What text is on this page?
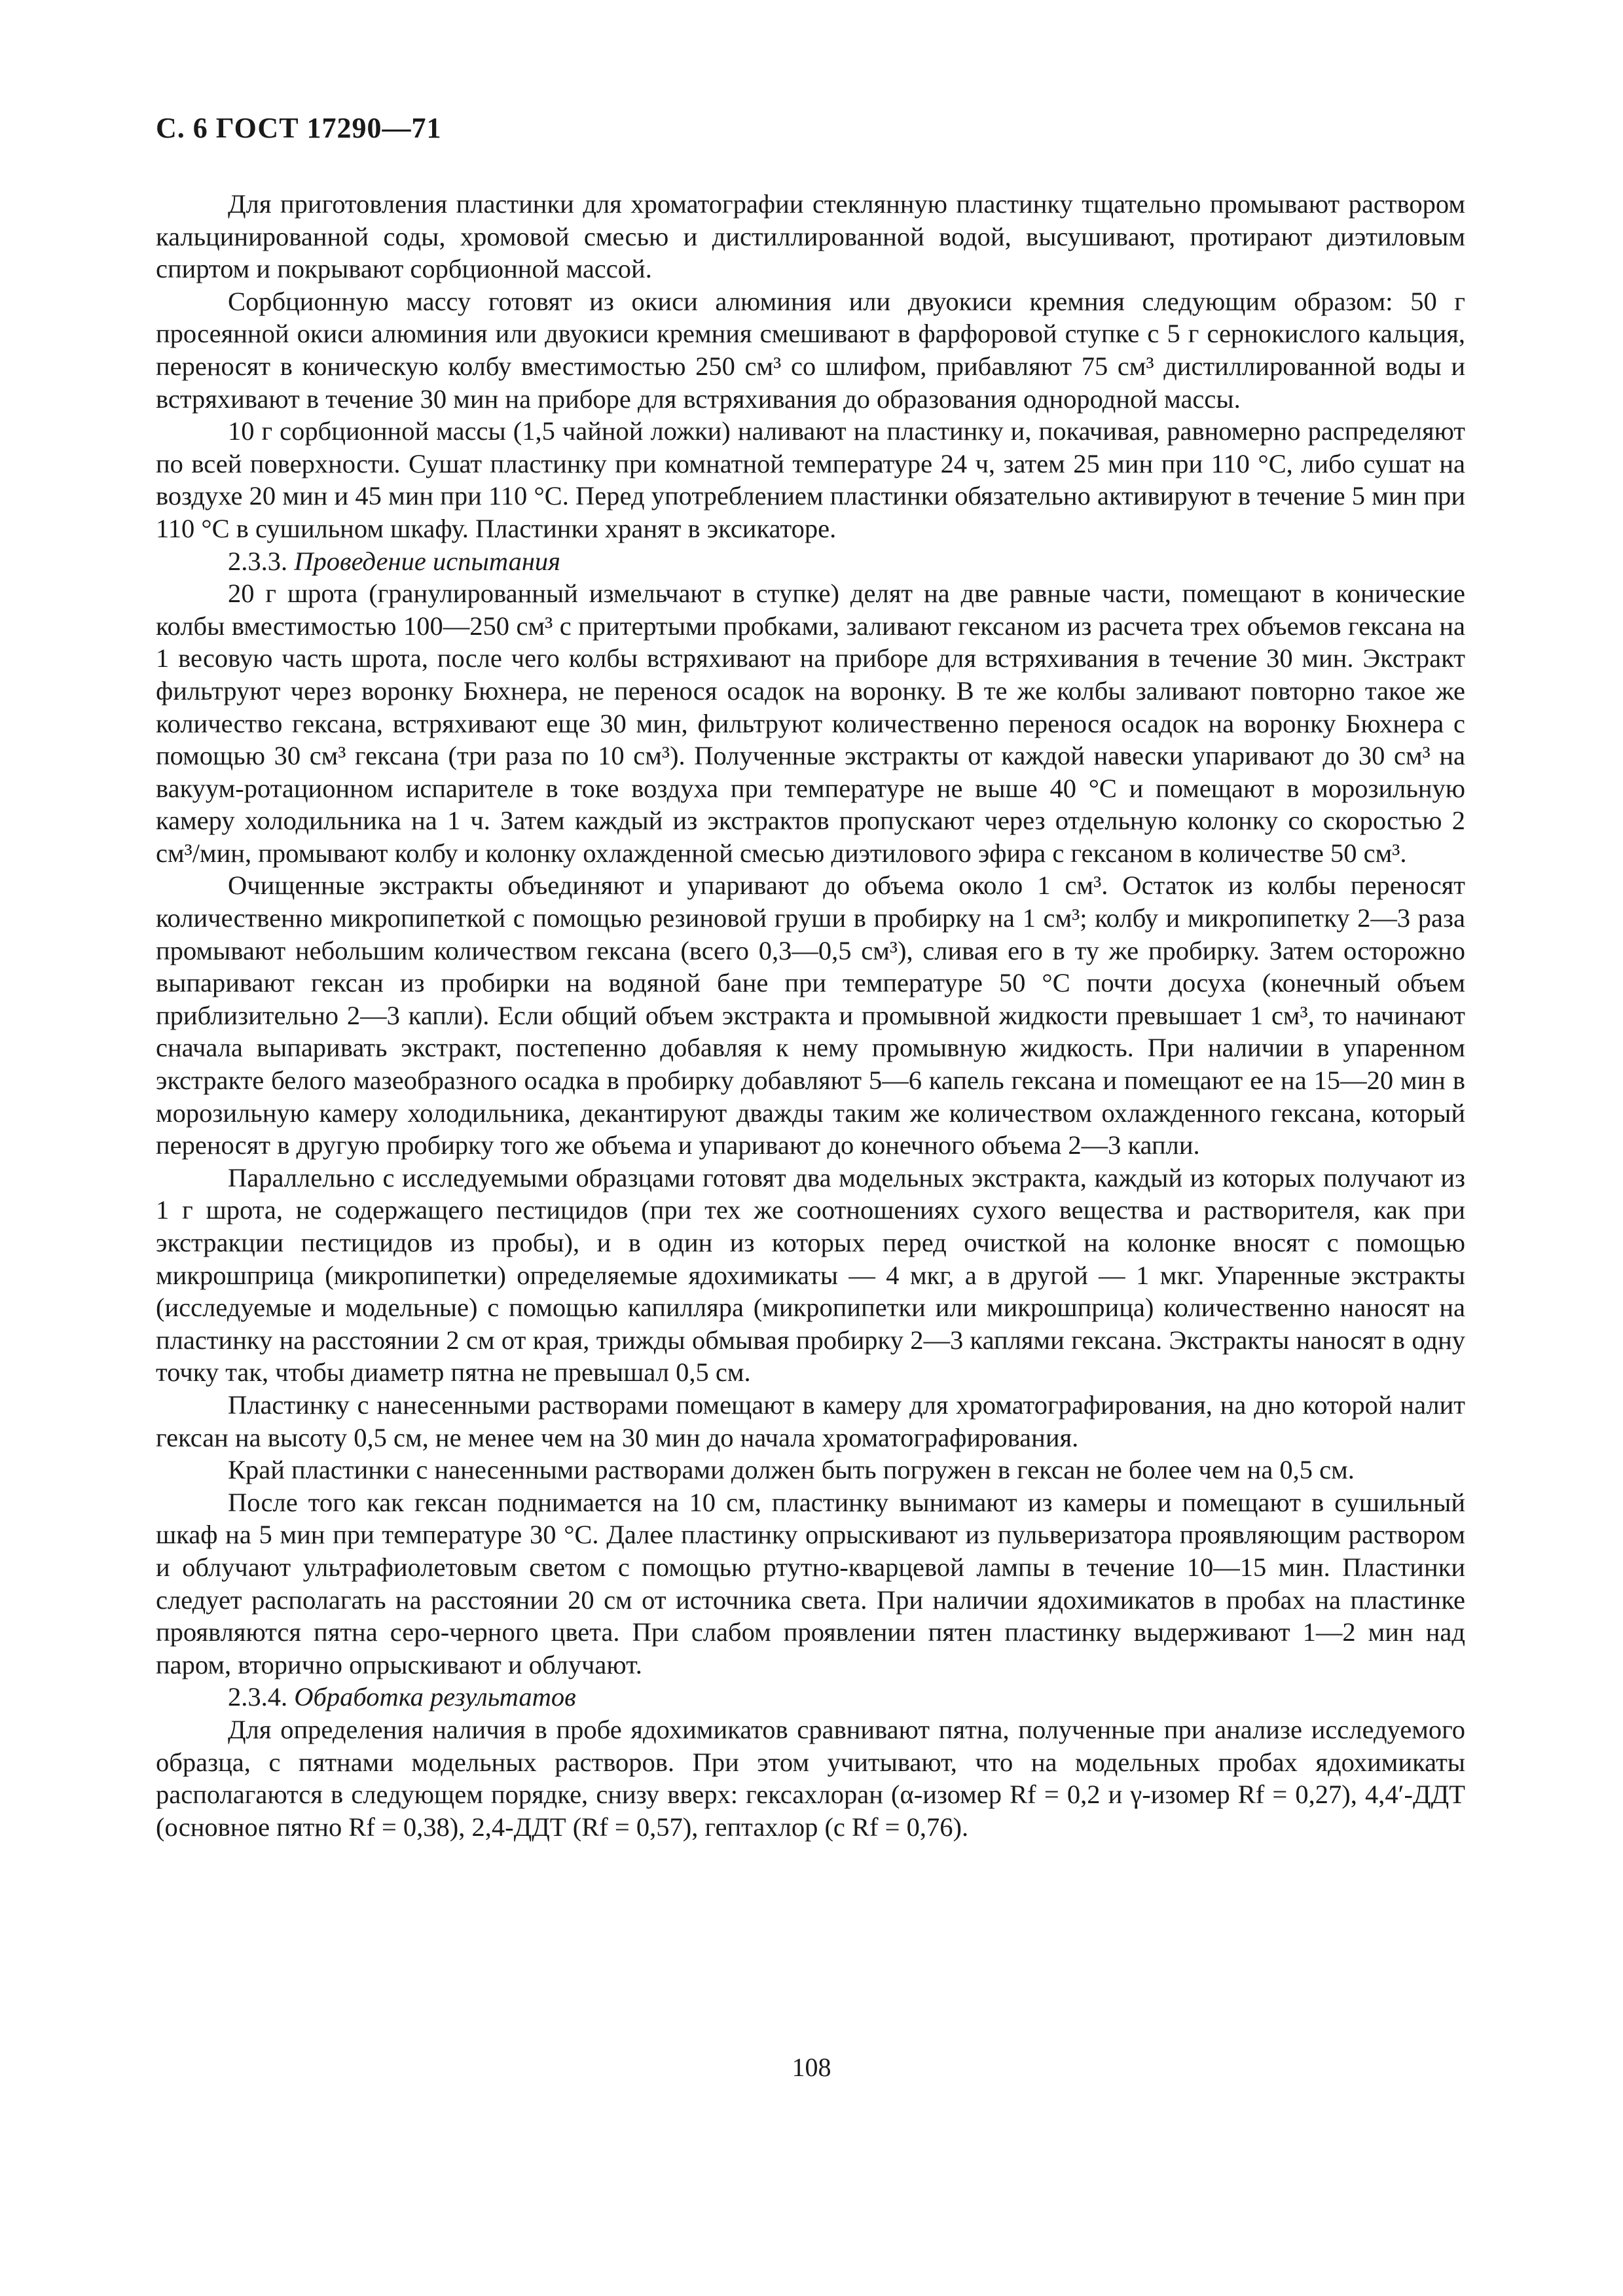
С. 6 ГОСТ 17290—71

Для приготовления пластинки для хроматографии стеклянную пластинку тщательно промывают раствором кальцинированной соды, хромовой смесью и дистиллированной водой, высушивают, протирают диэтиловым спиртом и покрывают сорбционной массой.

Сорбционную массу готовят из окиси алюминия или двуокиси кремния следующим образом: 50 г просеянной окиси алюминия или двуокиси кремния смешивают в фарфоровой ступке с 5 г сернокислого кальция, переносят в коническую колбу вместимостью 250 см³ со шлифом, прибавляют 75 см³ дистиллированной воды и встряхивают в течение 30 мин на приборе для встряхивания до образования однородной массы.

10 г сорбционной массы (1,5 чайной ложки) наливают на пластинку и, покачивая, равномерно распределяют по всей поверхности. Сушат пластинку при комнатной температуре 24 ч, затем 25 мин при 110 °С, либо сушат на воздухе 20 мин и 45 мин при 110 °С. Перед употреблением пластинки обязательно активируют в течение 5 мин при 110 °С в сушильном шкафу. Пластинки хранят в эксикаторе.

2.3.3. Проведение испытания

20 г шрота (гранулированный измельчают в ступке) делят на две равные части, помещают в конические колбы вместимостью 100—250 см³ с притертыми пробками, заливают гексаном из расчета трех объемов гексана на 1 весовую часть шрота, после чего колбы встряхивают на приборе для встряхивания в течение 30 мин. Экстракт фильтруют через воронку Бюхнера, не перенося осадок на воронку. В те же колбы заливают повторно такое же количество гексана, встряхивают еще 30 мин, фильтруют количественно перенося осадок на воронку Бюхнера с помощью 30 см³ гексана (три раза по 10 см³). Полученные экстракты от каждой навески упаривают до 30 см³ на вакуум-ротационном испарителе в токе воздуха при температуре не выше 40 °С и помещают в морозильную камеру холодильника на 1 ч. Затем каждый из экстрактов пропускают через отдельную колонку со скоростью 2 см³/мин, промывают колбу и колонку охлажденной смесью диэтилового эфира с гексаном в количестве 50 см³.

Очищенные экстракты объединяют и упаривают до объема около 1 см³. Остаток из колбы переносят количественно микропипеткой с помощью резиновой груши в пробирку на 1 см³; колбу и микропипетку 2—3 раза промывают небольшим количеством гексана (всего 0,3—0,5 см³), сливая его в ту же пробирку. Затем осторожно выпаривают гексан из пробирки на водяной бане при температуре 50 °С почти досуха (конечный объем приблизительно 2—3 капли). Если общий объем экстракта и промывной жидкости превышает 1 см³, то начинают сначала выпаривать экстракт, постепенно добавляя к нему промывную жидкость. При наличии в упаренном экстракте белого мазеобразного осадка в пробирку добавляют 5—6 капель гексана и помещают ее на 15—20 мин в морозильную камеру холодильника, декантируют дважды таким же количеством охлажденного гексана, который переносят в другую пробирку того же объема и упаривают до конечного объема 2—3 капли.

Параллельно с исследуемыми образцами готовят два модельных экстракта, каждый из которых получают из 1 г шрота, не содержащего пестицидов (при тех же соотношениях сухого вещества и растворителя, как при экстракции пестицидов из пробы), и в один из которых перед очисткой на колонке вносят с помощью микрошприца (микропипетки) определяемые ядохимикаты — 4 мкг, а в другой — 1 мкг. Упаренные экстракты (исследуемые и модельные) с помощью капилляра (микропипетки или микрошприца) количественно наносят на пластинку на расстоянии 2 см от края, трижды обмывая пробирку 2—3 каплями гексана. Экстракты наносят в одну точку так, чтобы диаметр пятна не превышал 0,5 см.

Пластинку с нанесенными растворами помещают в камеру для хроматографирования, на дно которой налит гексан на высоту 0,5 см, не менее чем на 30 мин до начала хроматографирования.

Край пластинки с нанесенными растворами должен быть погружен в гексан не более чем на 0,5 см.

После того как гексан поднимается на 10 см, пластинку вынимают из камеры и помещают в сушильный шкаф на 5 мин при температуре 30 °С. Далее пластинку опрыскивают из пульверизатора проявляющим раствором и облучают ультрафиолетовым светом с помощью ртутно-кварцевой лампы в течение 10—15 мин. Пластинки следует располагать на расстоянии 20 см от источника света. При наличии ядохимикатов в пробах на пластинке проявляются пятна серо-черного цвета. При слабом проявлении пятен пластинку выдерживают 1—2 мин над паром, вторично опрыскивают и облучают.

2.3.4. Обработка результатов

Для определения наличия в пробе ядохимикатов сравнивают пятна, полученные при анализе исследуемого образца, с пятнами модельных растворов. При этом учитывают, что на модельных пробах ядохимикаты располагаются в следующем порядке, снизу вверх: гексахлоран (α-изомер Rf = 0,2 и γ-изомер Rf = 0,27), 4,4′-ДДТ (основное пятно Rf = 0,38), 2,4-ДДТ (Rf = 0,57), гептахлор (с Rf = 0,76).

108
